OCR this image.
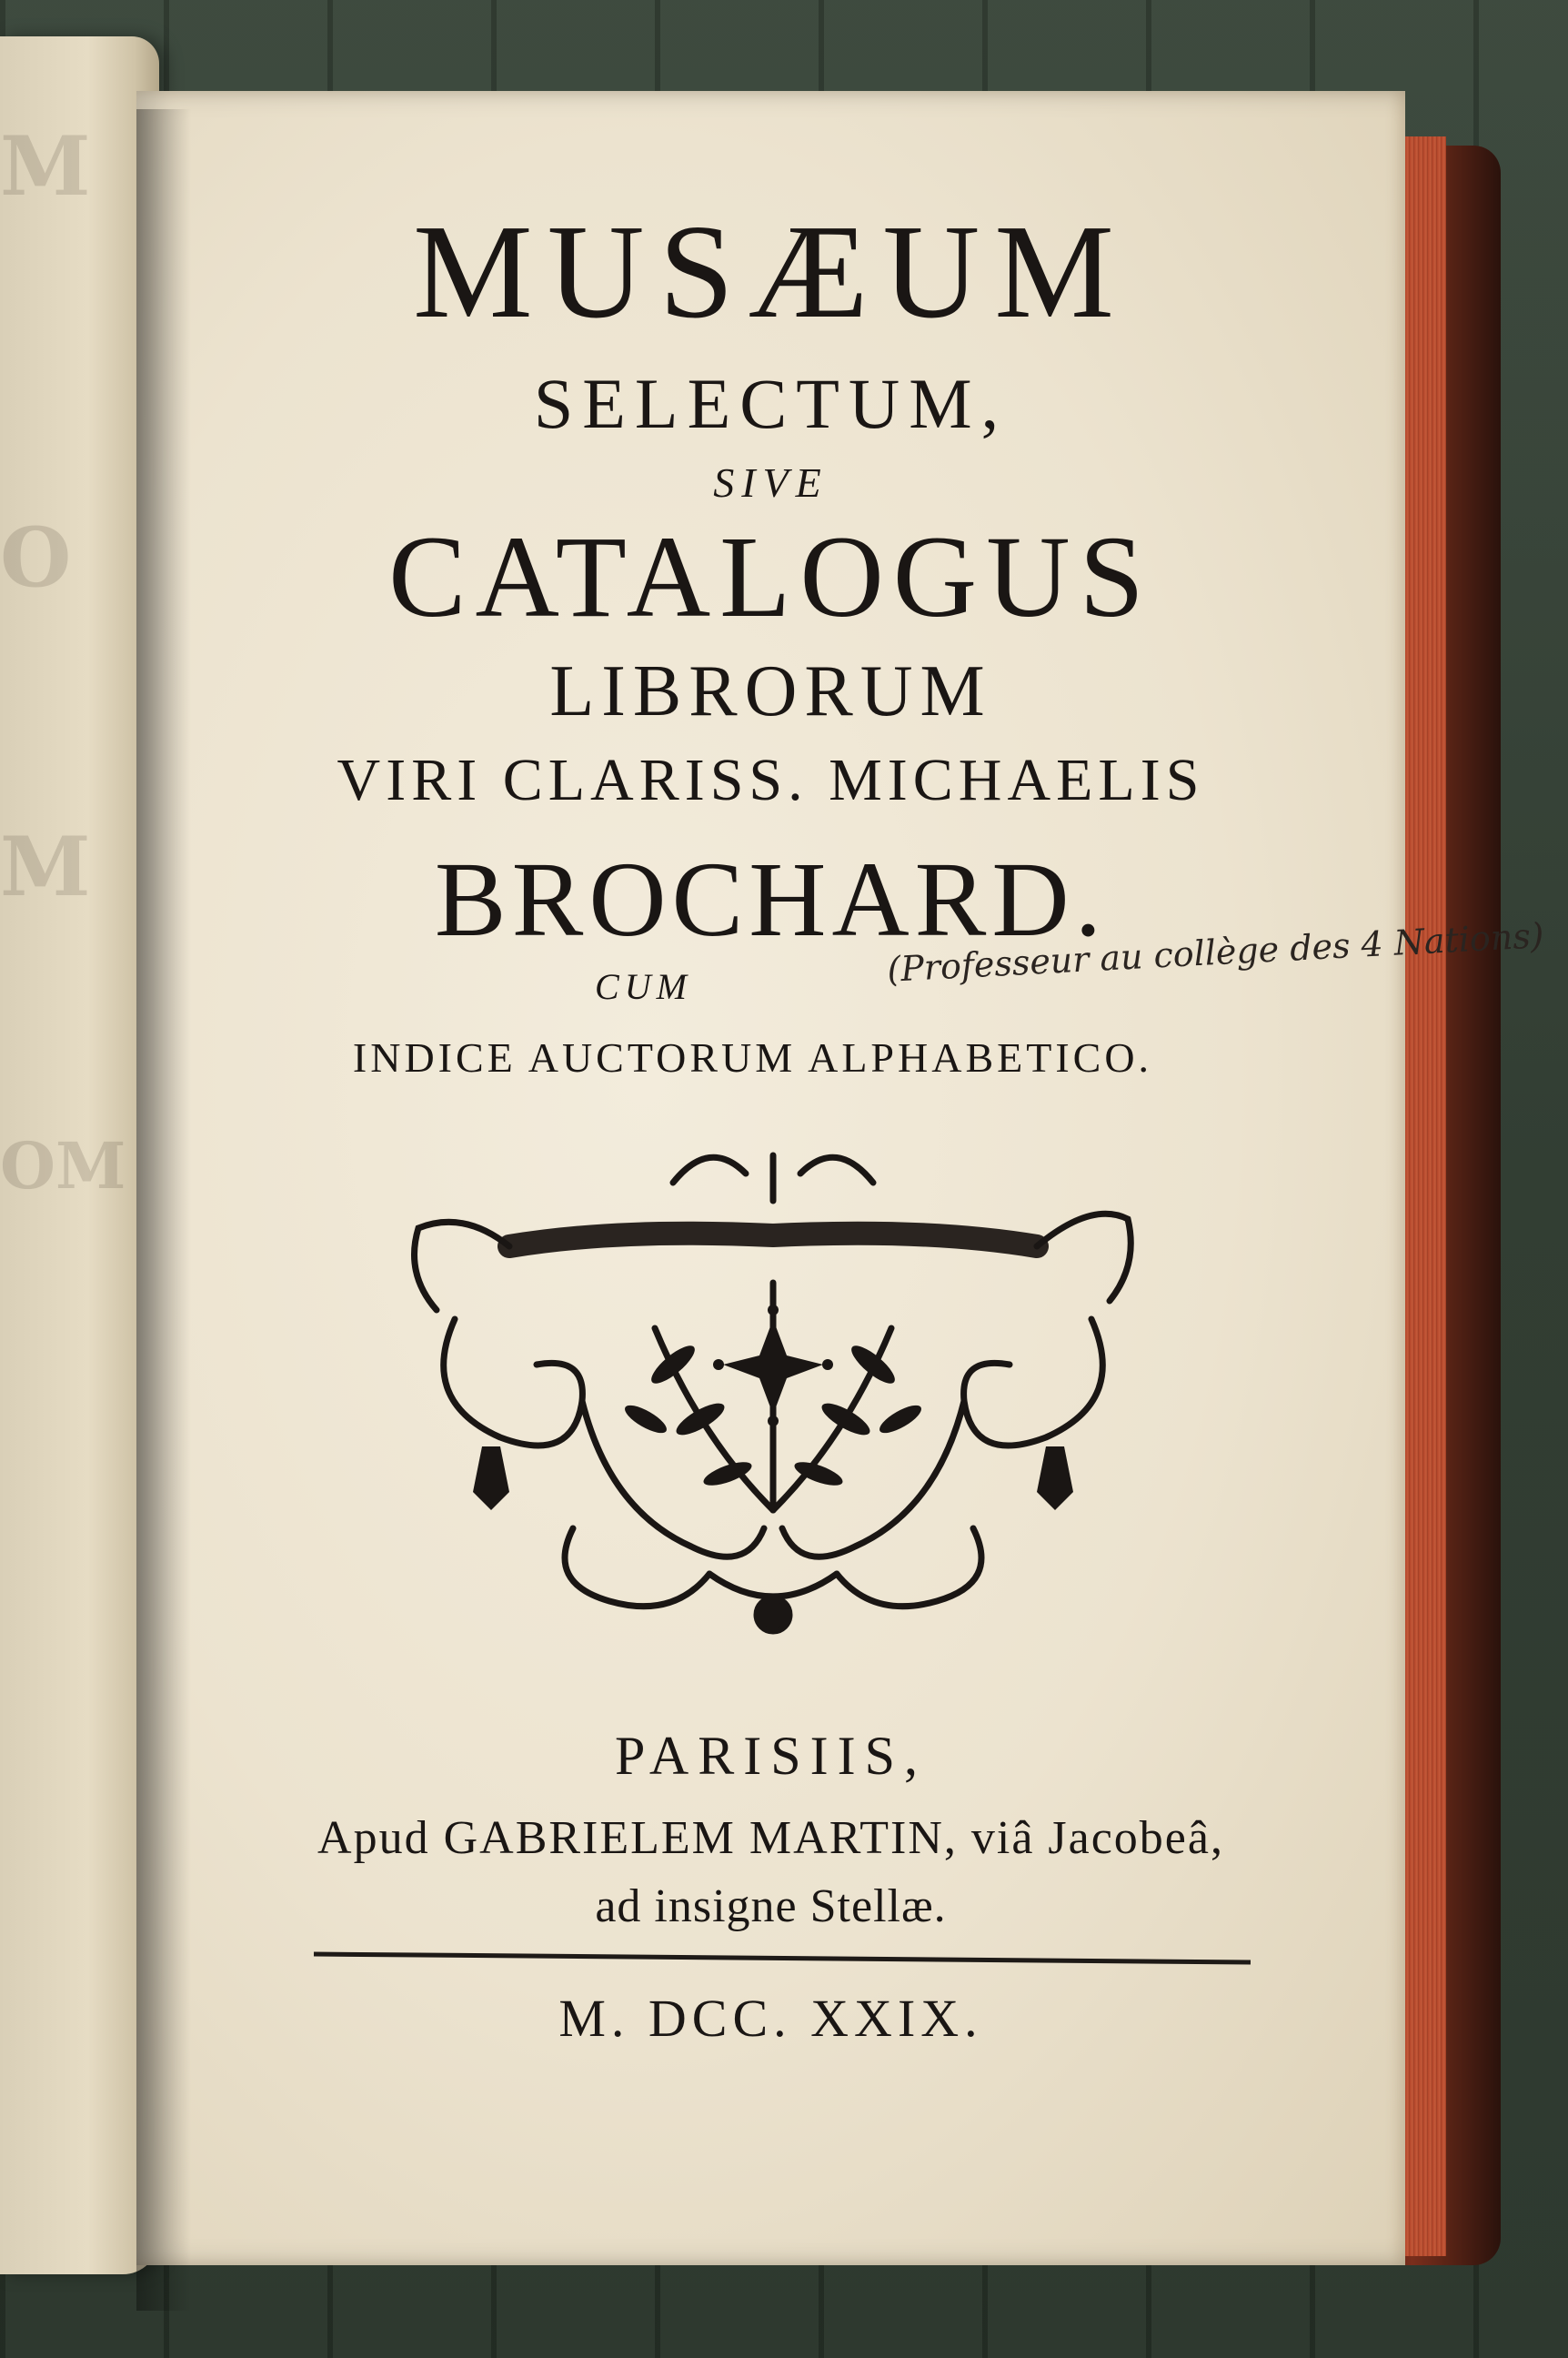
M
O
M
OM
MUSÆUM
SELECTUM,
SIVE
CATALOGUS
LIBRORUM
VIRI CLARISS. MICHAELIS
BROCHARD.
CUM	(Professeur au collège des 4 Nations)
INDICE AUCTORUM ALPHABETICO.
PARISIIS,
Apud GABRIELEM MARTIN, viâ Jacobeâ,
ad insigne Stellæ.
M. DCC. XXIX.
